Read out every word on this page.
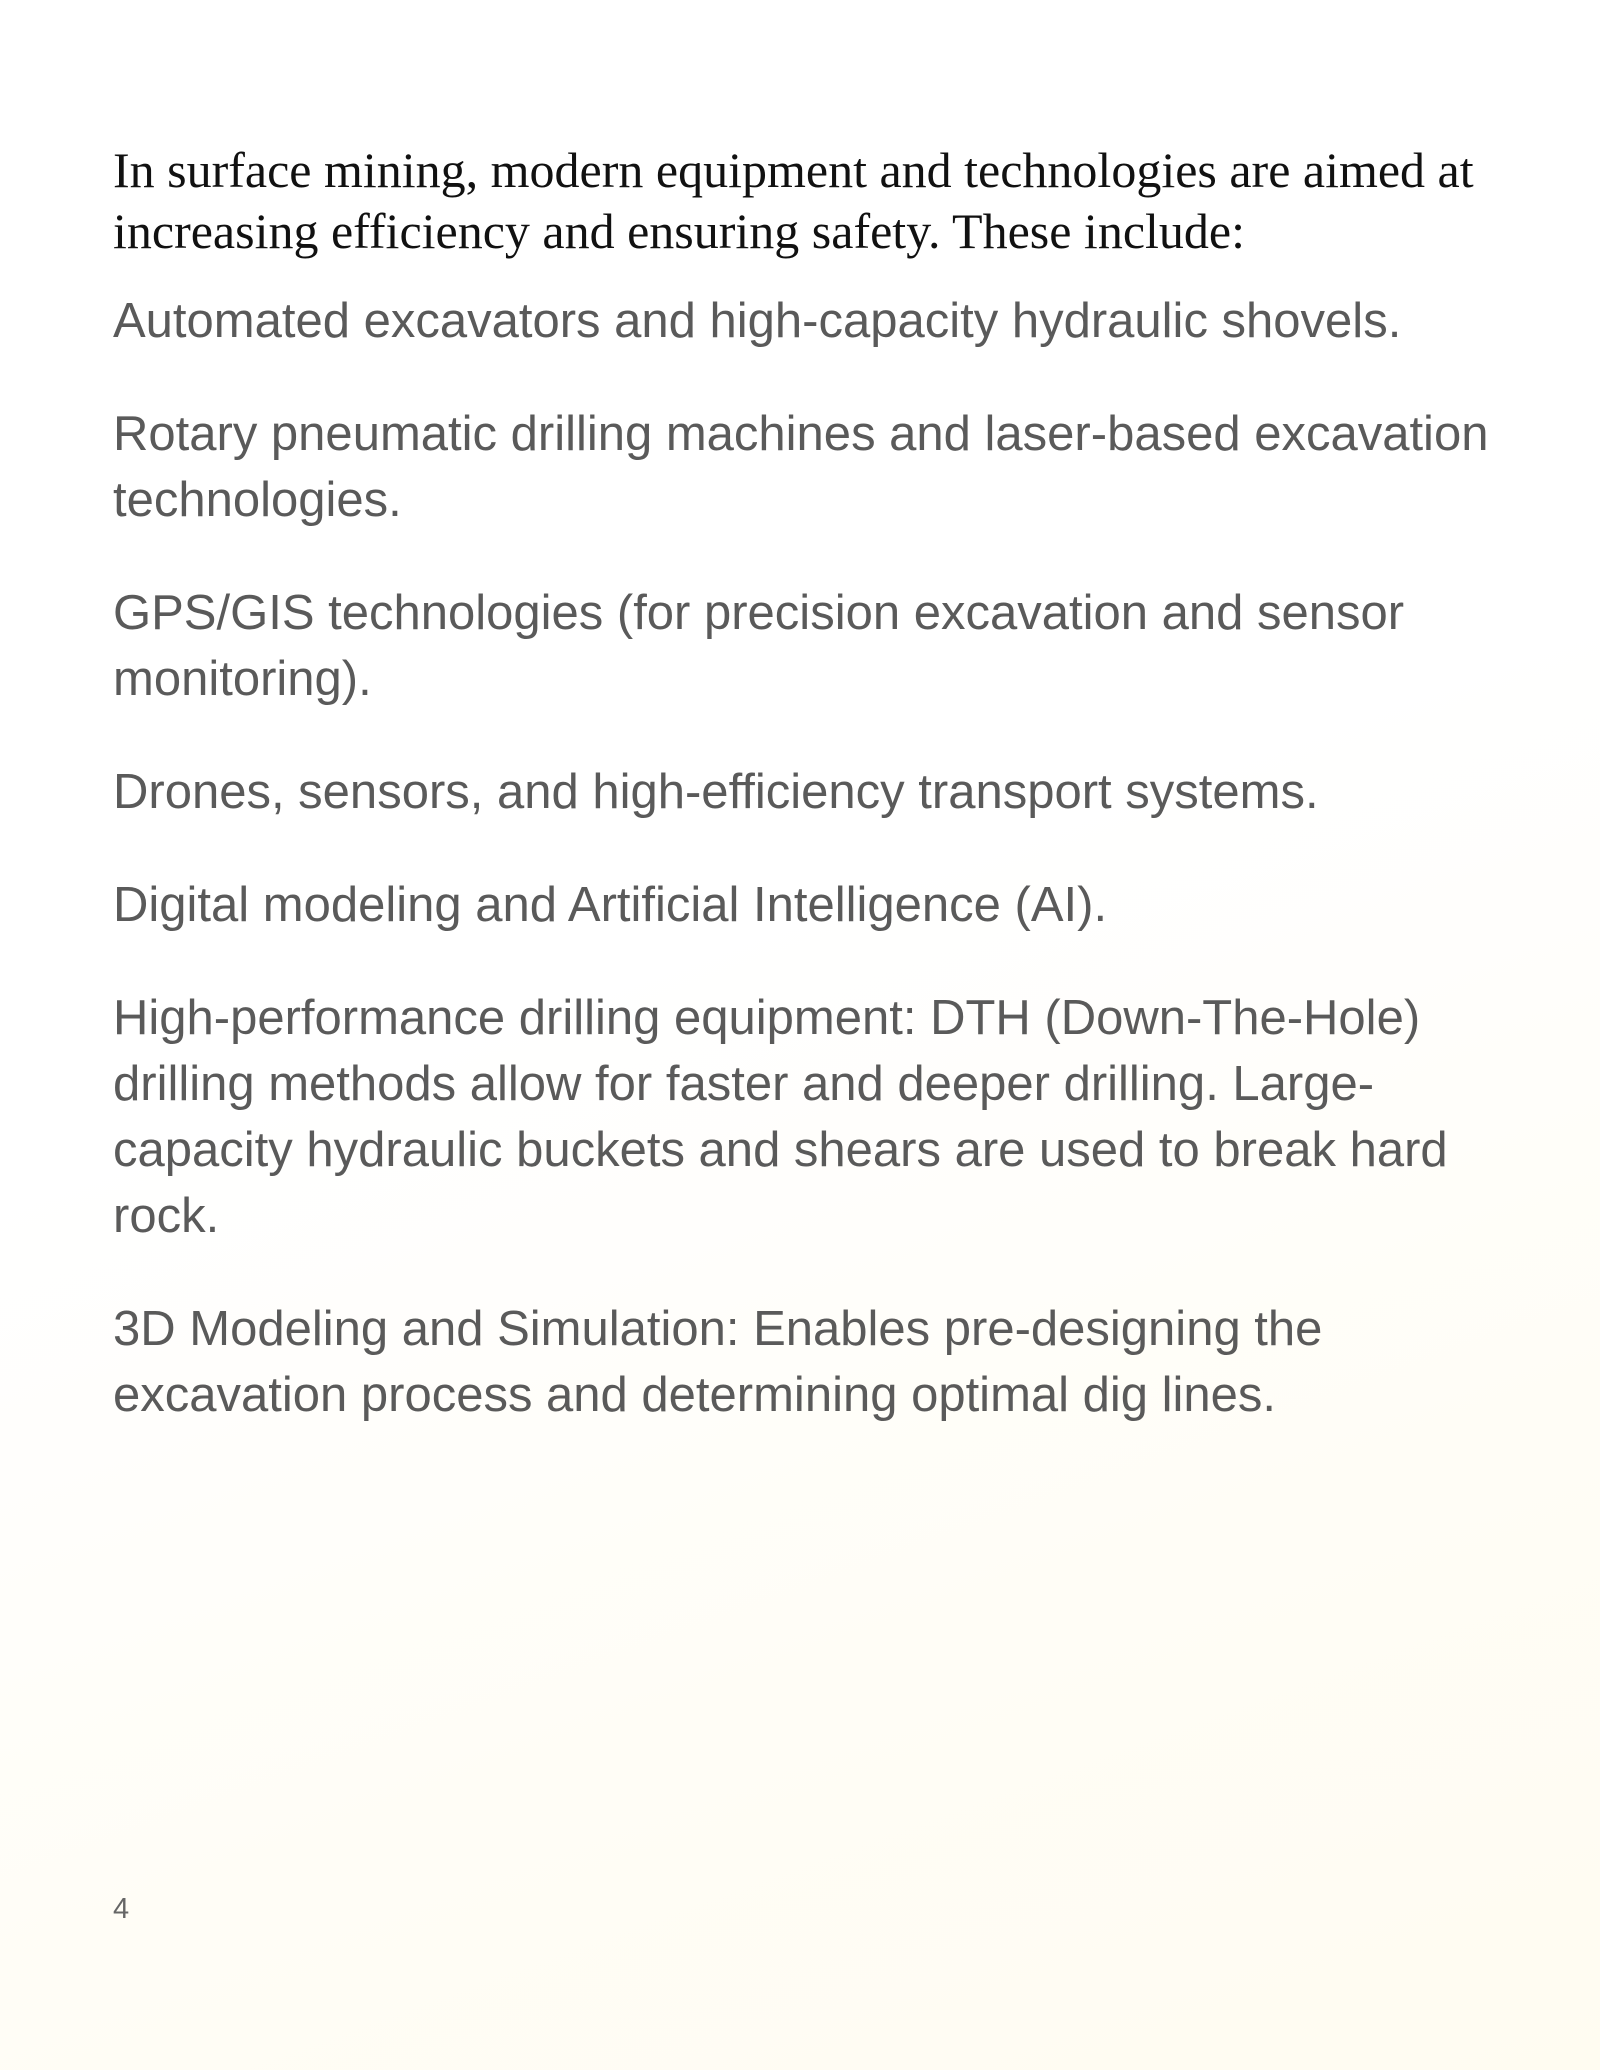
In surface mining, modern equipment and technologies are aimed at increasing efficiency and ensuring safety. These include:

Automated excavators and high-capacity hydraulic shovels.

Rotary pneumatic drilling machines and laser-based excavation technologies.

GPS/GIS technologies (for precision excavation and sensor monitoring).

Drones, sensors, and high-efficiency transport systems.

Digital modeling and Artificial Intelligence (AI).

High-performance drilling equipment: DTH (Down-The-Hole) drilling methods allow for faster and deeper drilling. Large-capacity hydraulic buckets and shears are used to break hard rock.

3D Modeling and Simulation: Enables pre-designing the excavation process and determining optimal dig lines.

4
